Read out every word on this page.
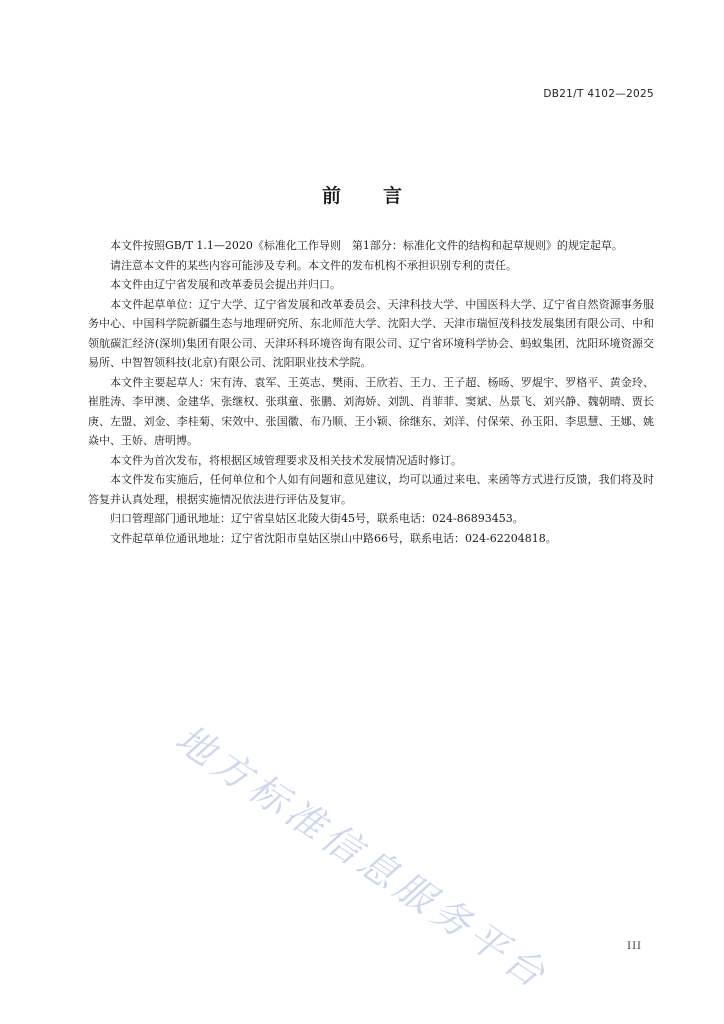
DB21/T 4102—2025
前 言

本文件按照GB/T 1.1—2020《标准化工作导则　第1部分：标准化文件的结构和起草规则》的规定起草。

请注意本文件的某些内容可能涉及专利。本文件的发布机构不承担识别专利的责任。

本文件由辽宁省发展和改革委员会提出并归口。

本文件起草单位：辽宁大学、辽宁省发展和改革委员会、天津科技大学、中国医科大学、辽宁省自然资源事务服务中心、中国科学院新疆生态与地理研究所、东北师范大学、沈阳大学、天津市瑞恒茂科技发展集团有限公司、中和领航碳汇经济(深圳)集团有限公司、天津环科环境咨询有限公司、辽宁省环境科学协会、蚂蚁集团、沈阳环境资源交易所、中智智领科技(北京)有限公司、沈阳职业技术学院。

本文件主要起草人：宋有涛、袁军、王英志、樊雨、王欣若、王力、王子超、杨旸、罗焜宇、罗格平、黄金玲、崔胜涛、李甲澳、金建华、张继权、张琪童、张鹏、刘海娇、刘凯、肖菲菲、窦斌、丛景飞、刘兴静、魏朝晴、贾长庚、左盟、刘金、李桂菊、宋效中、张国徽、布乃顺、王小颖、徐继东、刘洋、付保荣、孙玉阳、李思慧、王娜、姚焱中、王娇、唐明博。

本文件为首次发布，将根据区域管理要求及相关技术发展情况适时修订。

本文件发布实施后，任何单位和个人如有问题和意见建议，均可以通过来电、来函等方式进行反馈，我们将及时答复并认真处理，根据实施情况依法进行评估及复审。

归口管理部门通讯地址：辽宁省皇姑区北陵大街45号，联系电话：024-86893453。

文件起草单位通讯地址：辽宁省沈阳市皇姑区崇山中路66号，联系电话：024-62204818。

地方标准信息服务平台	III
